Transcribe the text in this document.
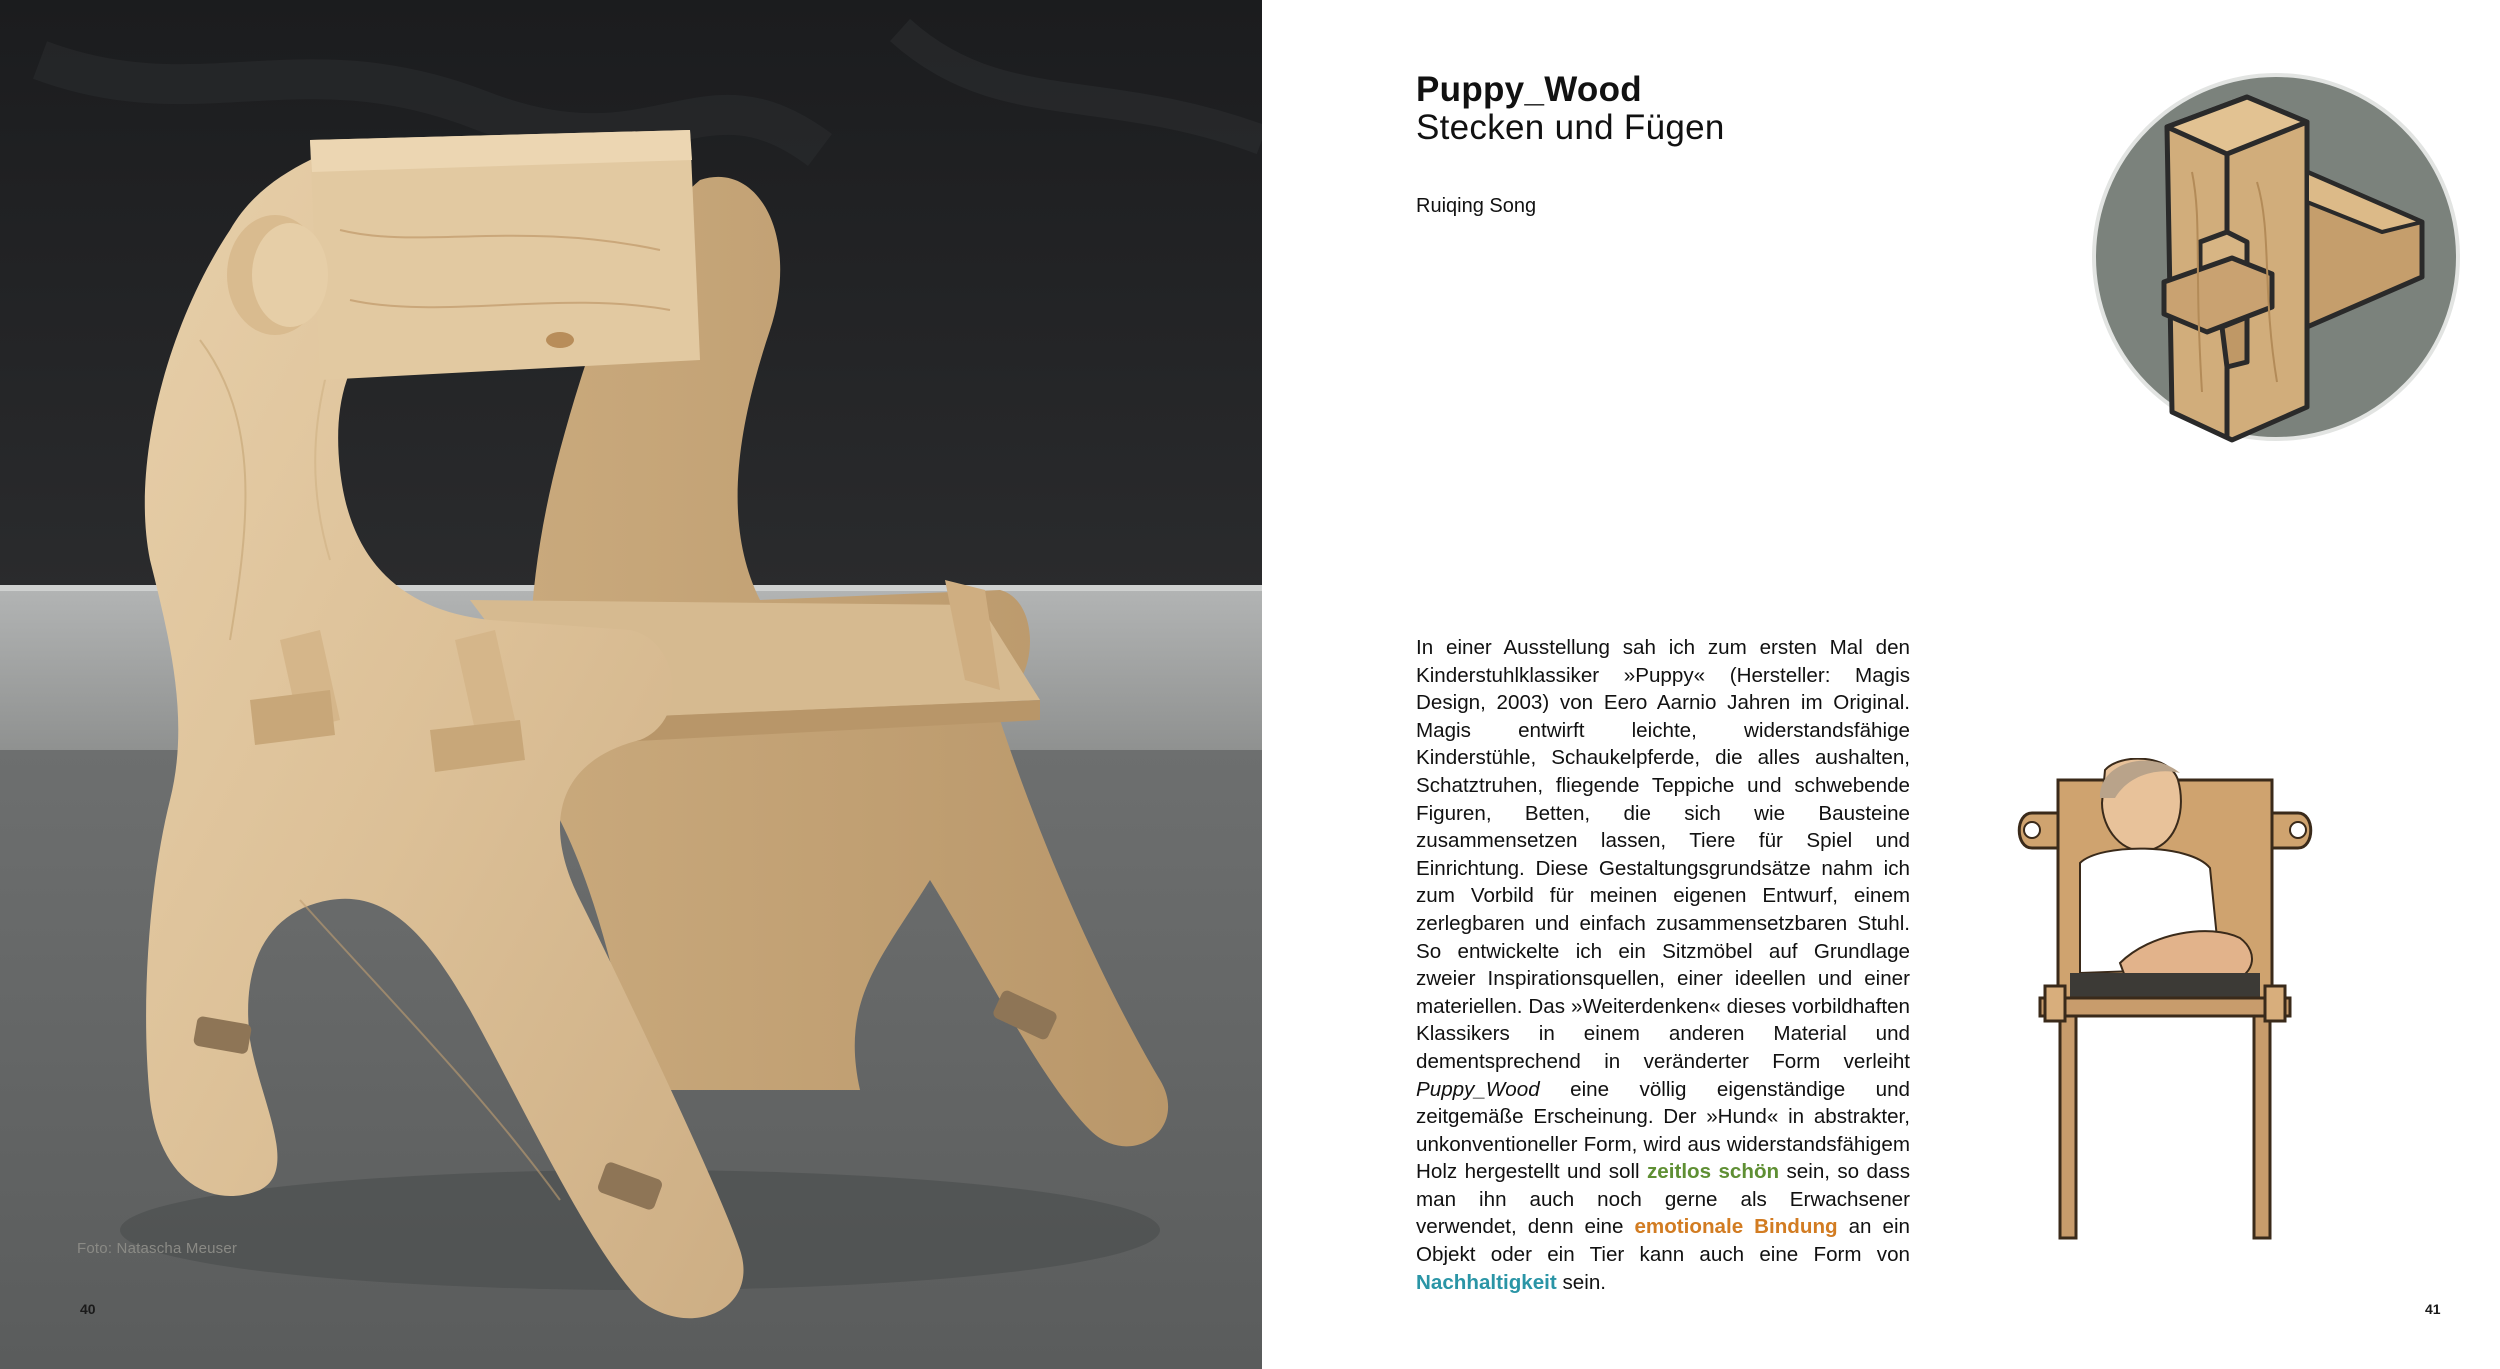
Foto: Natascha Meuser
40
Puppy_Wood
Stecken und Fügen
Ruiqing Song

In einer Ausstellung sah ich zum ersten Mal den Kinderstuhlklassiker »Puppy« (Hersteller: Magis Design, 2003) von Eero Aarnio Jahren im Original. Magis entwirft leichte, widerstandsfähige Kinderstühle, Schaukelpferde, die alles aushalten, Schatztruhen, fliegende Teppiche und schwebende Figuren, Betten, die sich wie Bausteine zusammensetzen lassen, Tiere für Spiel und Einrichtung. Diese Gestaltungsgrundsätze nahm ich zum Vorbild für meinen eigenen Entwurf, einem zerlegbaren und einfach zusammensetzbaren Stuhl. So entwickelte ich ein Sitzmöbel auf Grundlage zweier Inspirationsquellen, einer ideellen und einer materiellen. Das »Weiterdenken« dieses vorbildhaften Klassikers in einem anderen Material und dementsprechend in veränderter Form verleiht Puppy_Wood eine völlig eigenständige und zeitgemäße Erscheinung. Der »Hund« in abstrakter, unkonventioneller Form, wird aus widerstandsfähigem Holz hergestellt und soll zeitlos schön sein, so dass man ihn auch noch gerne als Erwachsener verwendet, denn eine emotionale Bindung an ein Objekt oder ein Tier kann auch eine Form von Nachhaltigkeit sein.

41
